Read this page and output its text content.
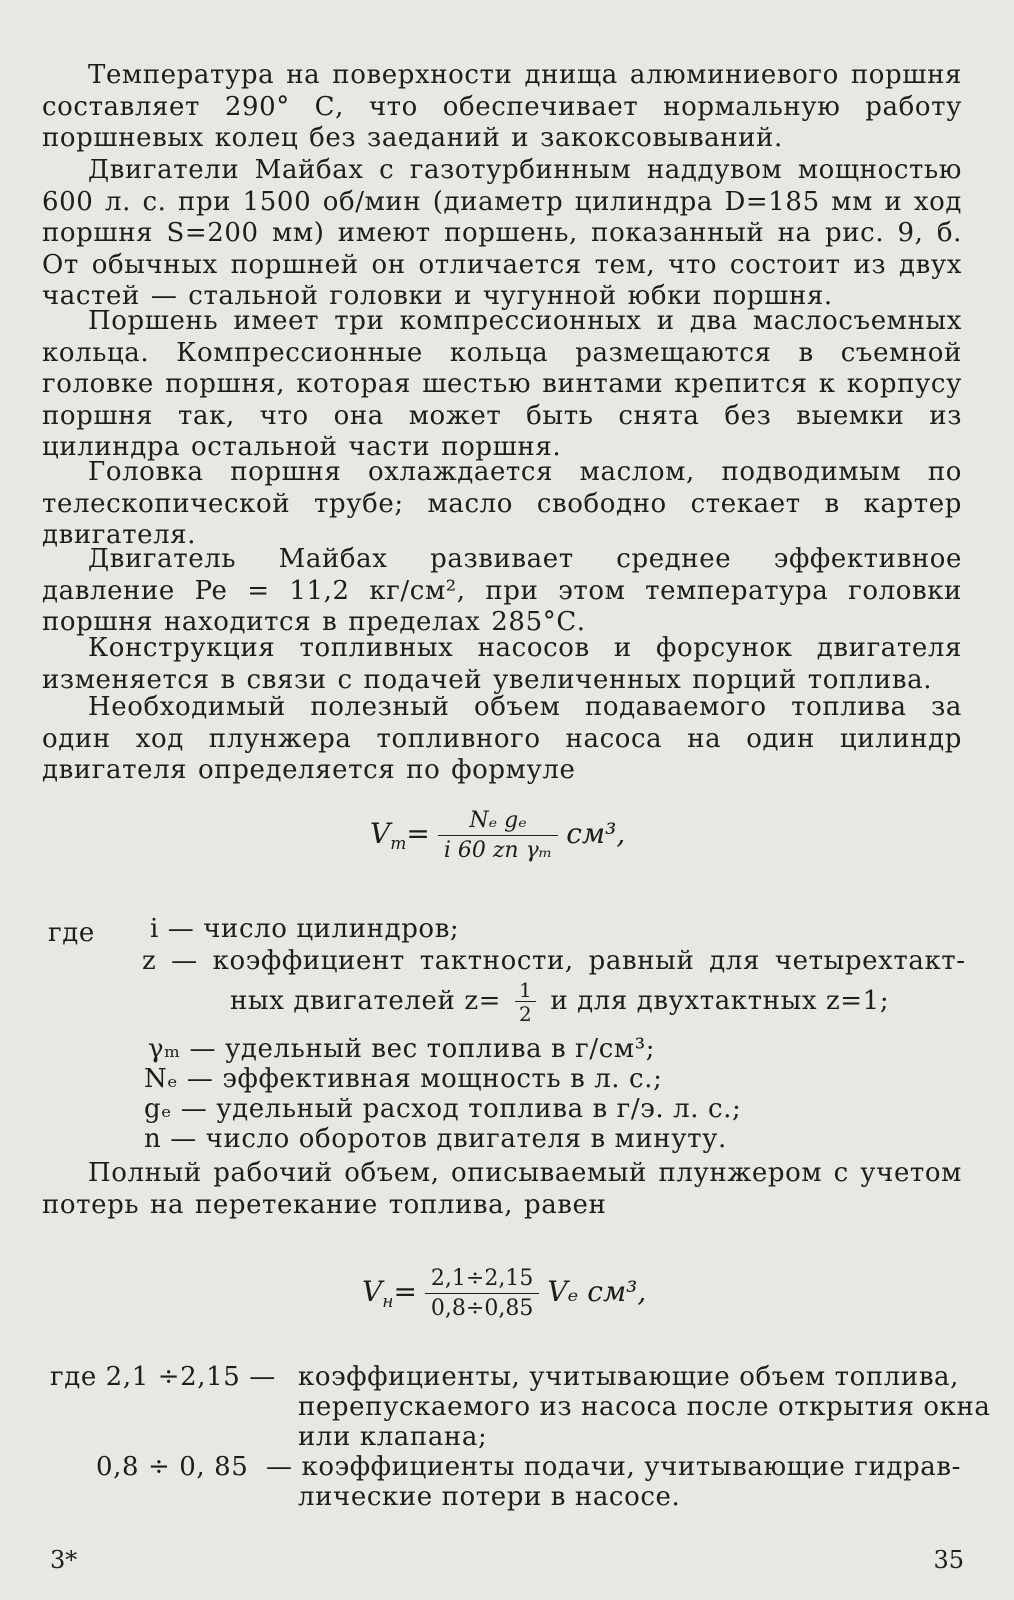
Температура на поверхности днища алюминиевого поршня составляет 290° С, что обеспечивает нормальную работу поршневых колец без заеданий и закоксовываний.

Двигатели Майбах с газотурбинным наддувом мощностью 600 л. с. при 1500 об/мин (диаметр цилиндра D=185 мм и ход поршня S=200 мм) имеют поршень, показанный на рис. 9, б. От обычных поршней он отличается тем, что состоит из двух частей — стальной головки и чугунной юбки поршня.

Поршень имеет три компрессионных и два маслосъемных кольца. Компрессионные кольца размещаются в съемной головке поршня, которая шестью винтами крепится к корпусу поршня так, что она может быть снята без выемки из цилиндра остальной части поршня.

Головка поршня охлаждается маслом, подводимым по телескопической трубе; масло свободно стекает в картер двигателя.

Двигатель Майбах развивает среднее эффективное давление Pe = 11,2 кг/см², при этом температура головки поршня находится в пределах 285°С.

Конструкция топливных насосов и форсунок двигателя изменяется в связи с подачей увеличенных порций топлива.

Необходимый полезный объем подаваемого топлива за один ход плунжера топливного насоса на один цилиндр двигателя определяется по формуле

$V_m= \frac{\text{Nₑ gₑ}}{\text{i 60 zn γₘ}} см^3$,
где i — число цилиндров;
z — коэффициент тактности, равный для четырехтакт-
ных двигателей $z= \frac{1}{2}$ и для двухтактных z=1;
γₘ — удельный вес топлива в г/см³;
Nₑ — эффективная мощность в л. с.;
gₑ — удельный расход топлива в г/э. л. с.;
n — число оборотов двигателя в минуту.

Полный рабочий объем, описываемый плунжером с учетом потерь на перетекание топлива, равен

$V_н= \frac{2,1\div 2,15}{0,8\div 0,85}$ Vₑ см³,
где 2,1 ÷2,15 — коэффициенты, учитывающие объем топлива,
перепускаемого из насоса после открытия окна
или клапана;
0,8 ÷ 0, 85 — коэффициенты подачи, учитывающие гидрав-
лические потери в насосе.
3*	35
